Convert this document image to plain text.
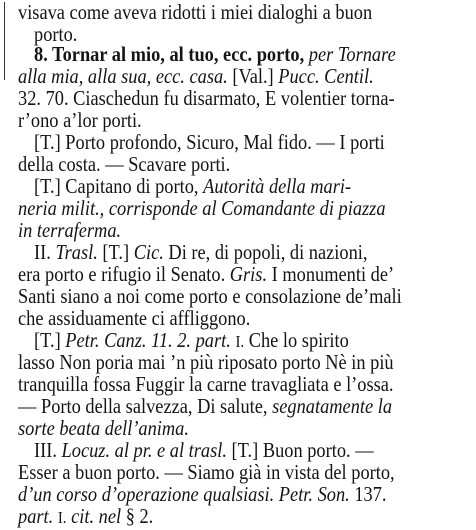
visava come aveva ridotti i miei dialoghi a buon
porto.
8. Tornar al mio, al tuo, ecc. porto, per Tornare
alla mia, alla sua, ecc. casa. [Val.] Pucc. Centil.
32. 70. Ciaschedun fu disarmato, E volentier torna-
r’ono a’lor porti.
[T.] Porto profondo, Sicuro, Mal fido. — I porti
della costa. — Scavare porti.
[T.] Capitano di porto, Autorità della mari-
neria milit., corrisponde al Comandante di piazza
in terraferma.
II. Trasl. [T.] Cic. Di re, di popoli, di nazioni,
era porto e rifugio il Senato. Gris. I monumenti de’
Santi siano a noi come porto e consolazione de’mali
che assiduamente ci affliggono.
[T.] Petr. Canz. 11. 2. part. I. Che lo spirito
lasso Non poria mai ’n più riposato porto Nè in più
tranquilla fossa Fuggir la carne travagliata e l’ossa.
— Porto della salvezza, Di salute, segnatamente la
sorte beata dell’anima.
III. Locuz. al pr. e al trasl. [T.] Buon porto. —
Esser a buon porto. — Siamo già in vista del porto,
d’un corso d’operazione qualsiasi. Petr. Son. 137.
part. I. cit. nel § 2.
